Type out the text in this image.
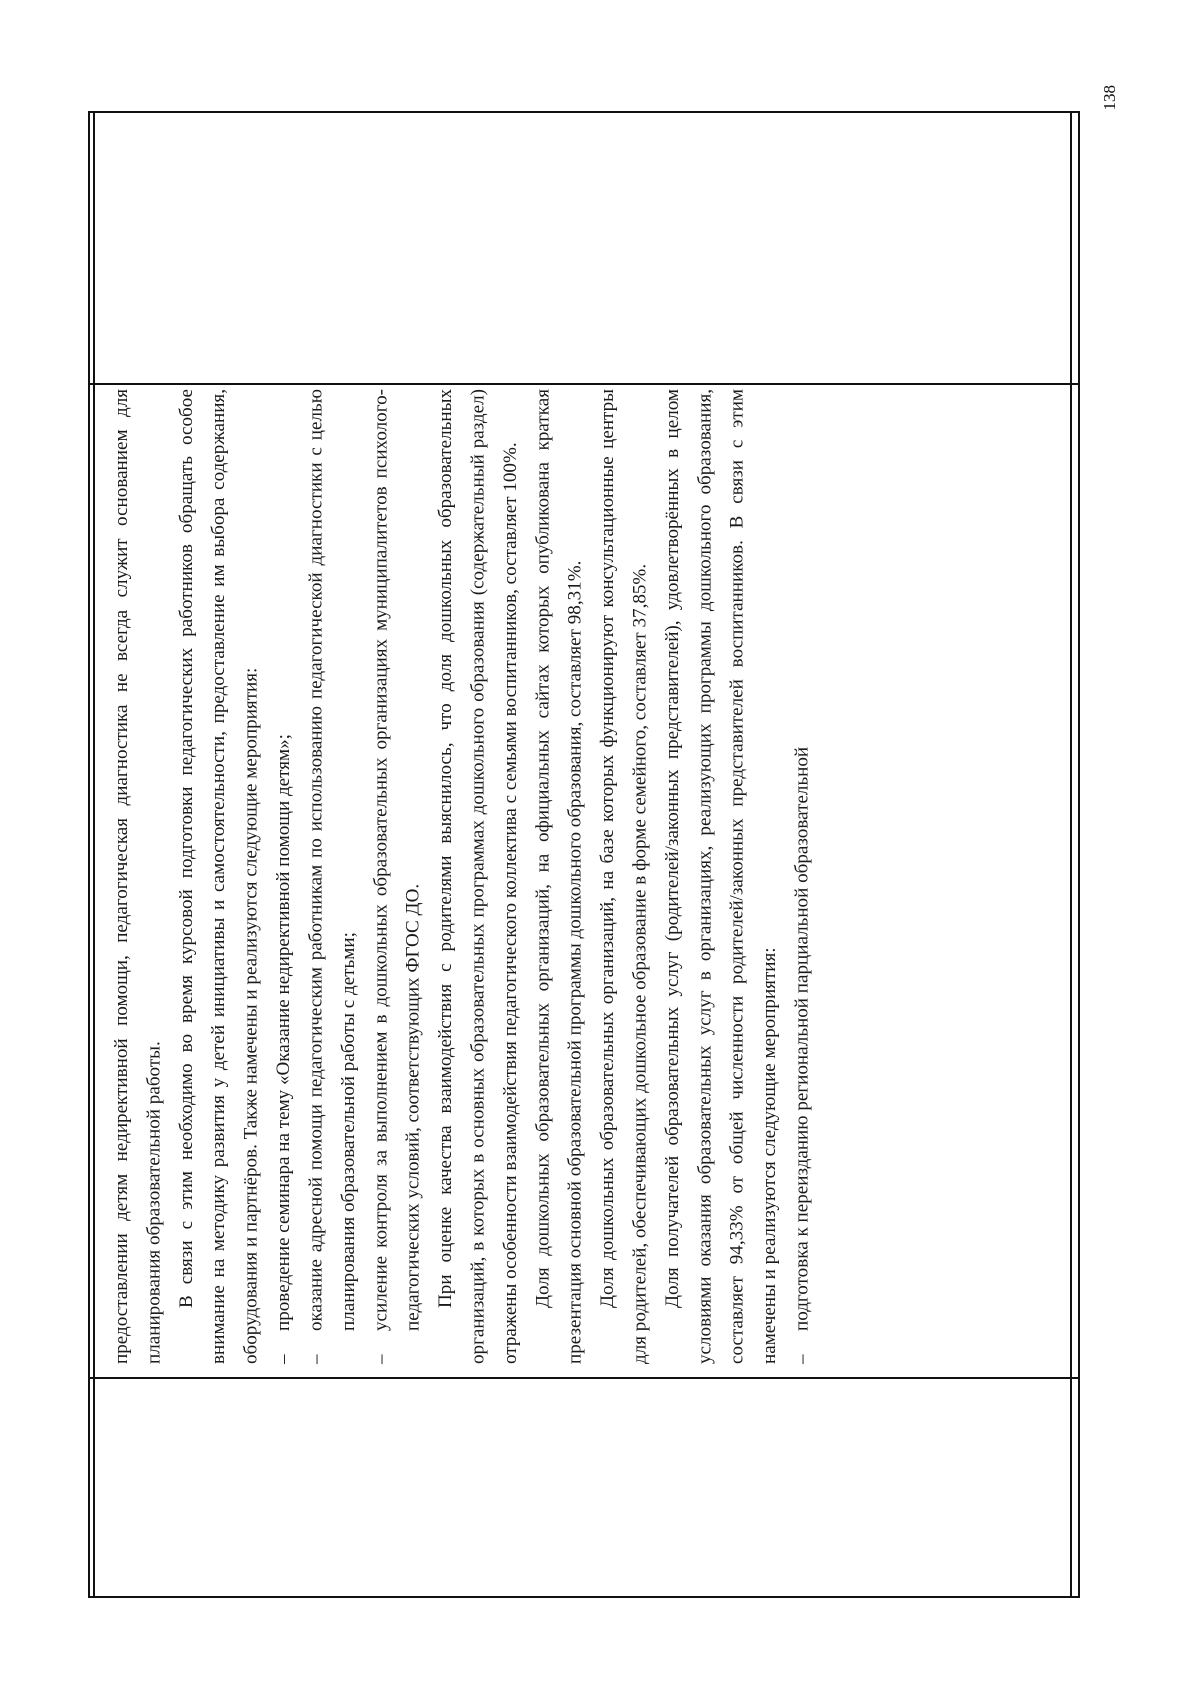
138

предоставлении детям недирективной помощи, педагогическая диагностика не всегда служит основанием для планирования образовательной работы. В связи с этим необходимо во время курсовой подготовки педагогических работников обращать особое внимание на методику развития у детей инициативы и самостоятельности, предоставление им выбора содержания, оборудования и партнёров. Также намечены и реализуются следующие мероприятия: –
проведение семинара на тему «Оказание недирективной помощи детям»;

–
оказание адресной помощи педагогическим работникам по использованию педагогической диагностики с целью планирования образовательной работы с детьми;

–
усиление контроля за выполнением в дошкольных образовательных организациях муниципалитетов психолого-педагогических условий, соответствующих ФГОС ДО. При оценке качества взаимодействия с родителями выяснилось, что доля дошкольных образовательных организаций, в которых в основных образовательных программах дошкольного образования (содержательный раздел) отражены особенности взаимодействия педагогического коллектива с семьями воспитанников, составляет 100%. Доля дошкольных образовательных организаций, на официальных сайтах которых опубликована краткая презентация основной образовательной программы дошкольного образования, составляет 98,31%. Доля дошкольных образовательных организаций, на базе которых функционируют консультационные центры для родителей, обеспечивающих дошкольное образование в форме семейного, составляет 37,85%. Доля получателей образовательных услуг (родителей/законных представителей), удовлетворённых в целом условиями оказания образовательных услуг в организациях, реализующих программы дошкольного образования, составляет 94,33% от общей численности родителей/законных представителей воспитанников. В связи с этим намечены и реализуются следующие мероприятия: –
подготовка к переизданию региональной парциальной образовательной
